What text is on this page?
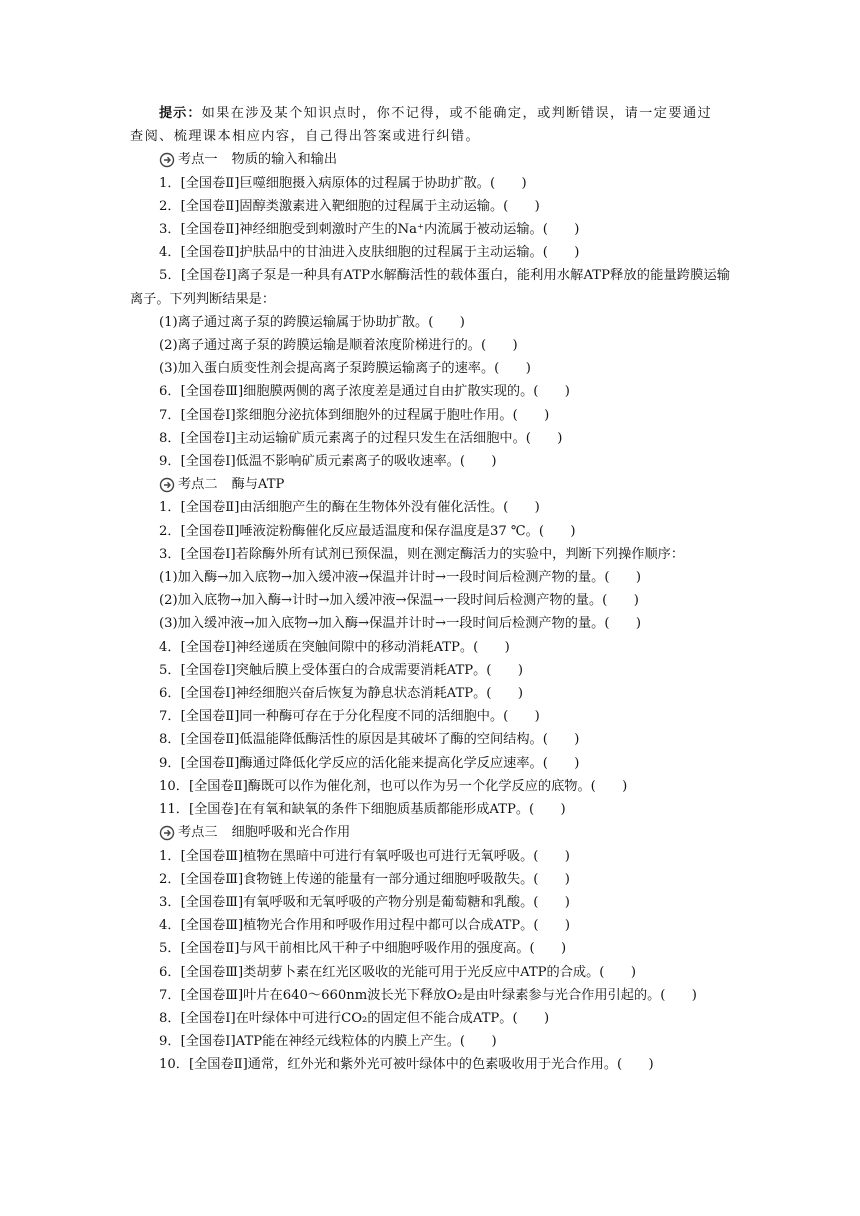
提示：如果在涉及某个知识点时，你不记得，或不能确定，或判断错误，请一定要通过
查阅、梳理课本相应内容，自己得出答案或进行纠错。
考点一 物质的输入和输出
1．[全国卷Ⅱ]巨噬细胞摄入病原体的过程属于协助扩散。(　　)
2．[全国卷Ⅱ]固醇类激素进入靶细胞的过程属于主动运输。(　　)
3．[全国卷Ⅱ]神经细胞受到刺激时产生的Na⁺内流属于被动运输。(　　)
4．[全国卷Ⅱ]护肤品中的甘油进入皮肤细胞的过程属于主动运输。(　　)
5．[全国卷Ⅰ]离子泵是一种具有ATP水解酶活性的载体蛋白，能利用水解ATP释放的能量跨膜运输离子。下列判断结果是：
(1)离子通过离子泵的跨膜运输属于协助扩散。(　　)
(2)离子通过离子泵的跨膜运输是顺着浓度阶梯进行的。(　　)
(3)加入蛋白质变性剂会提高离子泵跨膜运输离子的速率。(　　)
6．[全国卷Ⅲ]细胞膜两侧的离子浓度差是通过自由扩散实现的。(　　)
7．[全国卷Ⅰ]浆细胞分泌抗体到细胞外的过程属于胞吐作用。(　　)
8．[全国卷Ⅰ]主动运输矿质元素离子的过程只发生在活细胞中。(　　)
9．[全国卷Ⅰ]低温不影响矿质元素离子的吸收速率。(　　)
考点二 酶与ATP
1．[全国卷Ⅱ]由活细胞产生的酶在生物体外没有催化活性。(　　)
2．[全国卷Ⅱ]唾液淀粉酶催化反应最适温度和保存温度是37 ℃。(　　)
3．[全国卷Ⅰ]若除酶外所有试剂已预保温，则在测定酶活力的实验中，判断下列操作顺序：
(1)加入酶→加入底物→加入缓冲液→保温并计时→一段时间后检测产物的量。(　　)
(2)加入底物→加入酶→计时→加入缓冲液→保温→一段时间后检测产物的量。(　　)
(3)加入缓冲液→加入底物→加入酶→保温并计时→一段时间后检测产物的量。(　　)
4．[全国卷Ⅰ]神经递质在突触间隙中的移动消耗ATP。(　　)
5．[全国卷Ⅰ]突触后膜上受体蛋白的合成需要消耗ATP。(　　)
6．[全国卷Ⅰ]神经细胞兴奋后恢复为静息状态消耗ATP。(　　)
7．[全国卷Ⅱ]同一种酶可存在于分化程度不同的活细胞中。(　　)
8．[全国卷Ⅱ]低温能降低酶活性的原因是其破坏了酶的空间结构。(　　)
9．[全国卷Ⅱ]酶通过降低化学反应的活化能来提高化学反应速率。(　　)
10．[全国卷Ⅱ]酶既可以作为催化剂，也可以作为另一个化学反应的底物。(　　)
11．[全国卷]在有氧和缺氧的条件下细胞质基质都能形成ATP。(　　)
考点三 细胞呼吸和光合作用
1．[全国卷Ⅲ]植物在黑暗中可进行有氧呼吸也可进行无氧呼吸。(　　)
2．[全国卷Ⅲ]食物链上传递的能量有一部分通过细胞呼吸散失。(　　)
3．[全国卷Ⅲ]有氧呼吸和无氧呼吸的产物分别是葡萄糖和乳酸。(　　)
4．[全国卷Ⅲ]植物光合作用和呼吸作用过程中都可以合成ATP。(　　)
5．[全国卷Ⅱ]与风干前相比风干种子中细胞呼吸作用的强度高。(　　)
6．[全国卷Ⅲ]类胡萝卜素在红光区吸收的光能可用于光反应中ATP的合成。(　　)
7．[全国卷Ⅲ]叶片在640～660nm波长光下释放O₂是由叶绿素参与光合作用引起的。(　　)
8．[全国卷Ⅰ]在叶绿体中可进行CO₂的固定但不能合成ATP。(　　)
9．[全国卷Ⅰ]ATP能在神经元线粒体的内膜上产生。(　　)
10．[全国卷Ⅱ]通常，红外光和紫外光可被叶绿体中的色素吸收用于光合作用。(　　)
